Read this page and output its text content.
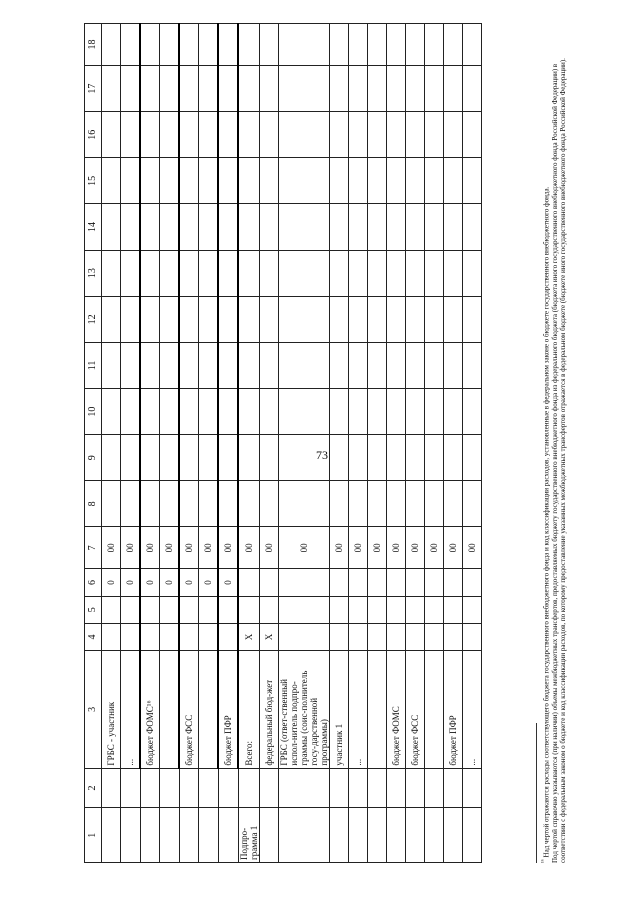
73
1	2	3	4	5	6	7	8	9	10	11	12	13	14	15	16	17	18
		ГРБС - участник			0	00											
		...			0	00											
		бюджет ФОМС¹⁶			0	00											
					0	00											
		бюджет ФСС			0	00											
					0	00											
		бюджет ПФР			0	00											
Подпро-грамма 1		Всего:	X			00											
		федеральный бюд-жет	X			00											
		ГРБС (ответ-ственный испол-нитель подпро-граммы (соис-полнитель госу-дарственной программы)				00											
		участник 1				00											
		...				00											
						00											
		бюджет ФОМС				00											
		бюджет ФСС				00											
						00											
		бюджет ПФР				00											
		...				00											

$^{^{16}}$ Над чертой отражаются расходы соответствующего бюджета государственного внебюджетного фонда и код классификации расходов, установленные в федеральном законе о бюджете государственного внебюджетного фонда. Под чертой справочно указываются (при наличии) объемы межбюджетных трансфертов, предоставляемых бюджету государственного внебюджетного фонда из федерального бюджета (бюджета иного государственного внебюджетного фонда Российской Федерации) в соответствии с федеральным законом о бюджете и код классификации расходов, по которому предоставление указанных межбюджетных трансфертов отражается в федеральном бюджете (бюджете иного государственного внебюджетного фонда Российской Федерации).
